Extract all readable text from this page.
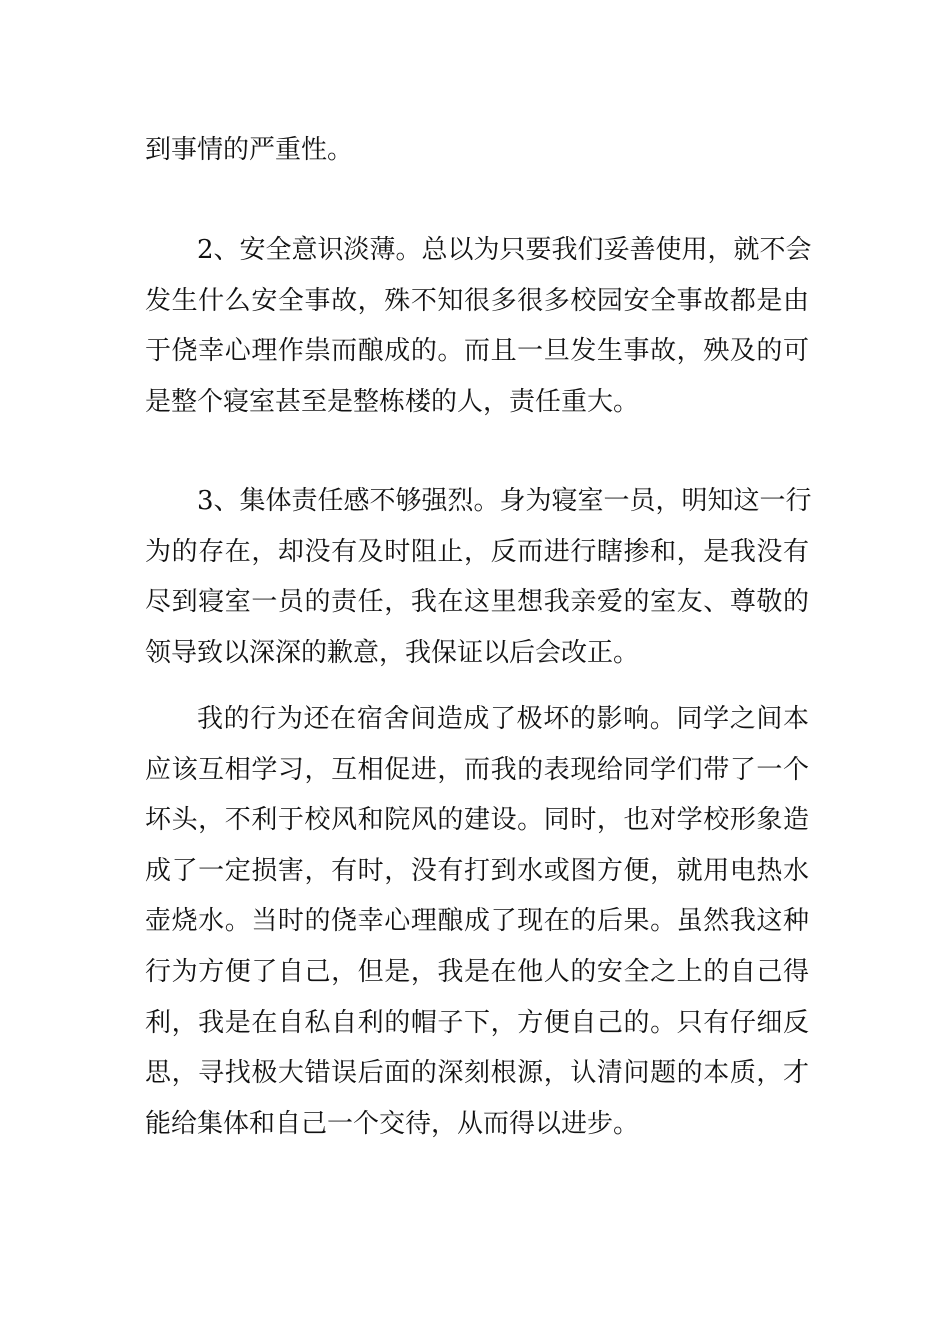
到事情的严重性。
2、安全意识淡薄。总以为只要我们妥善使用，就不会
发生什么安全事故，殊不知很多很多校园安全事故都是由
于侥幸心理作祟而酿成的。而且一旦发生事故，殃及的可
是整个寝室甚至是整栋楼的人，责任重大。
3、集体责任感不够强烈。身为寝室一员，明知这一行
为的存在，却没有及时阻止，反而进行瞎掺和，是我没有
尽到寝室一员的责任，我在这里想我亲爱的室友、尊敬的
领导致以深深的歉意，我保证以后会改正。
我的行为还在宿舍间造成了极坏的影响。同学之间本
应该互相学习，互相促进，而我的表现给同学们带了一个
坏头，不利于校风和院风的建设。同时，也对学校形象造
成了一定损害，有时，没有打到水或图方便，就用电热水
壶烧水。当时的侥幸心理酿成了现在的后果。虽然我这种
行为方便了自己，但是，我是在他人的安全之上的自己得
利，我是在自私自利的帽子下，方便自己的。只有仔细反
思，寻找极大错误后面的深刻根源，认清问题的本质，才
能给集体和自己一个交待，从而得以进步。
